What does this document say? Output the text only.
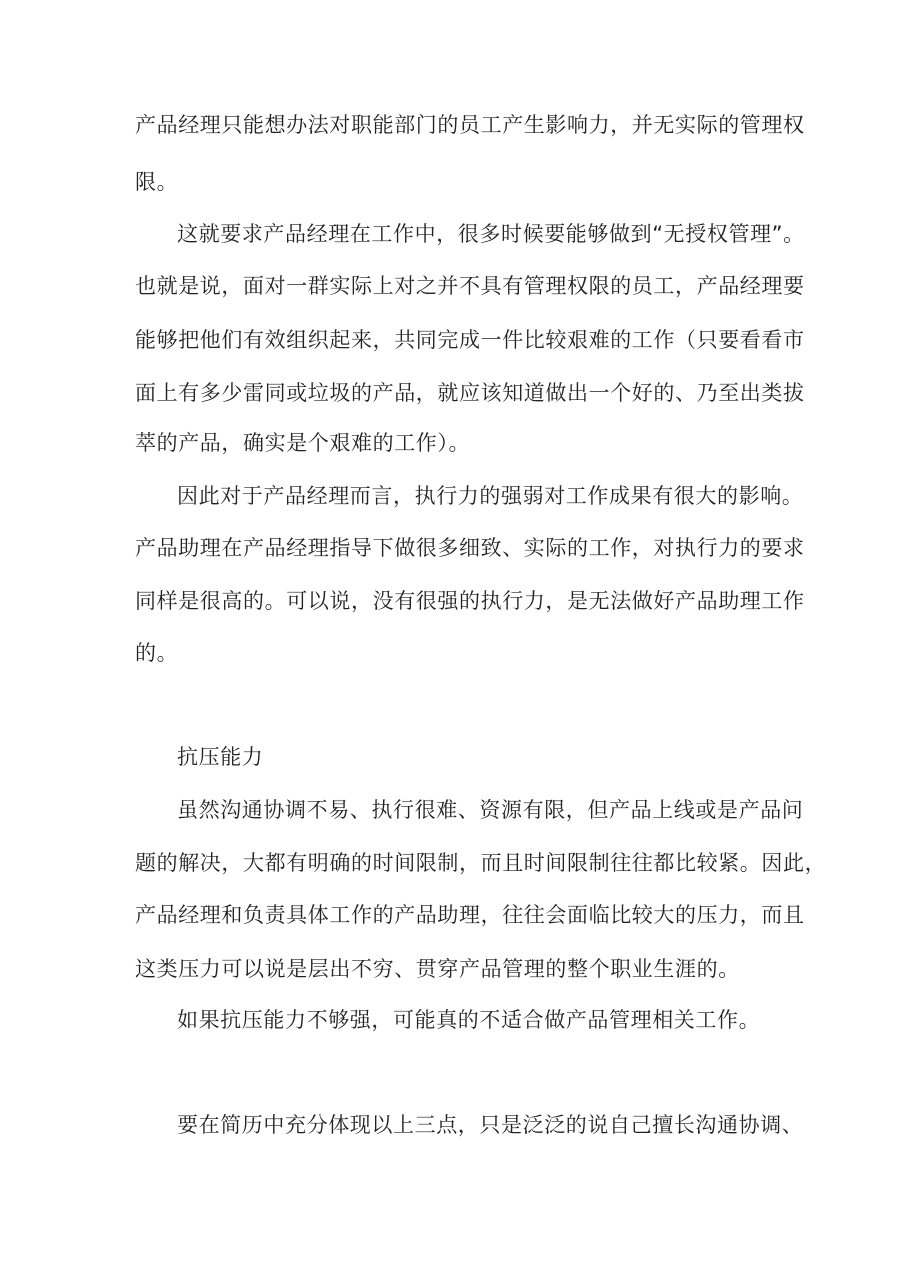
产品经理只能想办法对职能部门的员工产生影响力，并无实际的管理权

限。

这就要求产品经理在工作中，很多时候要能够做到“无授权管理”。

也就是说，面对一群实际上对之并不具有管理权限的员工，产品经理要

能够把他们有效组织起来，共同完成一件比较艰难的工作（只要看看市

面上有多少雷同或垃圾的产品，就应该知道做出一个好的、乃至出类拔

萃的产品，确实是个艰难的工作）。

因此对于产品经理而言，执行力的强弱对工作成果有很大的影响。

产品助理在产品经理指导下做很多细致、实际的工作，对执行力的要求

同样是很高的。可以说，没有很强的执行力，是无法做好产品助理工作

的。

抗压能力

虽然沟通协调不易、执行很难、资源有限，但产品上线或是产品问

题的解决，大都有明确的时间限制，而且时间限制往往都比较紧。因此，

产品经理和负责具体工作的产品助理，往往会面临比较大的压力，而且

这类压力可以说是层出不穷、贯穿产品管理的整个职业生涯的。

如果抗压能力不够强，可能真的不适合做产品管理相关工作。

要在简历中充分体现以上三点，只是泛泛的说自己擅长沟通协调、
